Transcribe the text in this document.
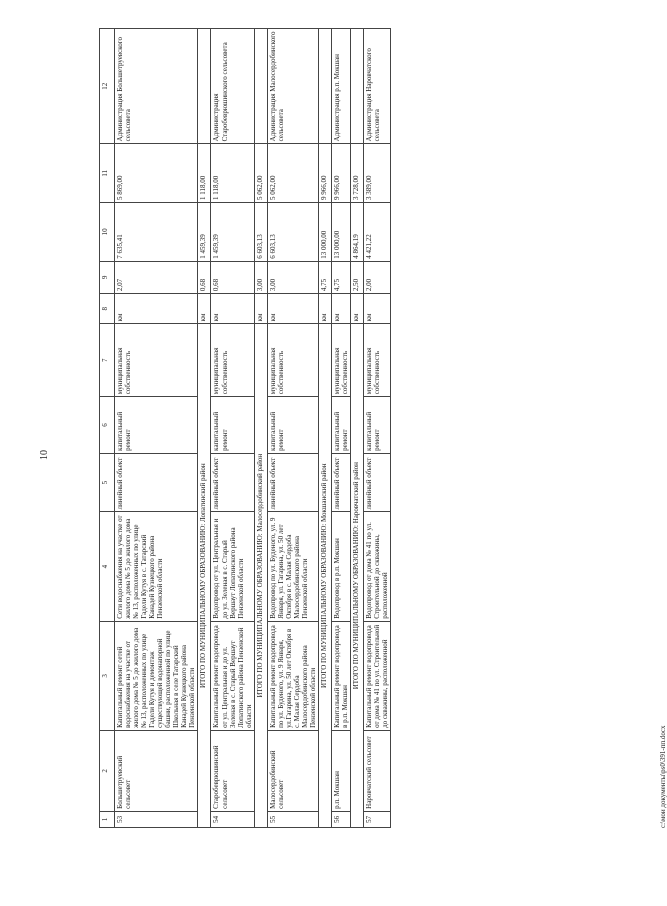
10
1	2	3	4	5	6	7	8	9	10	11	12
53	Большетруевский сельсовет	Капитальный ремонт сетей водоснабжения на участке от жилого дома № 5 до жилого дома № 13, расположенных по улице Гадели Кутуя и демонтаж существующей водонапорной башни, расположенной по улице Школьная в селе Татарский Канадей Кузнецкого района Пензенской области	Сети водоснабжения на участке от жилого дома № 5 до жилого дома № 13, расположенных по улице Гадели Кутуя в с. Татарский Канадей Кузнецкого района Пензенской области	линейный объект	капитальный ремонт	муниципальная собственность	км	2,07	7 635,41	5 869,00	Администрация Большетруевского сельсовета
ИТОГО ПО МУНИЦИПАЛЬНОМУ ОБРАЗОВАНИЮ: Лопатинский район							км	0,68	1 459,39	1 118,00	
54	Старобеврюшинский сельсовет	Капитальный ремонт водопровода от ул. Центральная и до ул. Зеленая в с. Старый Вершаут Лопатинского района Пензенской области	Водопровод от ул. Центральная и до ул. Зеленая в с. Старый Вершаут Лопатинского района Пензенской области	линейный объект	капитальный ремонт	муниципальная собственность	км	0,68	1 459,39	1 118,00	Администрация Старобеврюшинского сельсовета
ИТОГО ПО МУНИЦИПАЛЬНОМУ ОБРАЗОВАНИЮ: Малосердобинский район							км	3,00	6 603,13	5 062,00	
55	Малосердобинский сельсовет	Капитальный ремонт водопровода по ул. Буденого, ул. 9 Января, ул.Гагарина, ул. 50 лет Октября в с. Малая Сердоба Малосердобинского района Пензенской области	Водопровод по ул. Буденого, ул. 9 Января, ул. Гагарина, ул. 50 лет Октября в с. Малая Сердоба Малосердобинского района Пензенской области	линейный объект	капитальный ремонт	муниципальная собственность	км	3,00	6 603,13	5 062,00	Администрация Малосердобинского сельсовета
ИТОГО ПО МУНИЦИПАЛЬНОМУ ОБРАЗОВАНИЮ: Мокшанский район							км	4,75	13 000,00	9 966,00	
56	р.п. Мокшан	Капитальный ремонт водопровода в р.п. Мокшан	Водопровод в р.п. Мокшан	линейный объект	капитальный ремонт	муниципальная собственность	км	4,75	13 000,00	9 966,00	Администрация р.п. Мокшан
ИТОГО ПО МУНИЦИПАЛЬНОМУ ОБРАЗОВАНИЮ: Наровчатский район							км	2,50	4 864,19	3 728,00	
57	Наровчатский сельсовет	Капитальный ремонт водопровода от дома № 41 по ул. Строительной до скважины, расположенной	Водопровод от дома № 41 по ул. Строительной до скважины, расположенной	линейный объект	капитальный ремонт	муниципальная собственность	км	2,00	4 421,22	3 389,00	Администрация Наровчатского сельсовета
c:\мои документы\ps0\391-пп.docx
